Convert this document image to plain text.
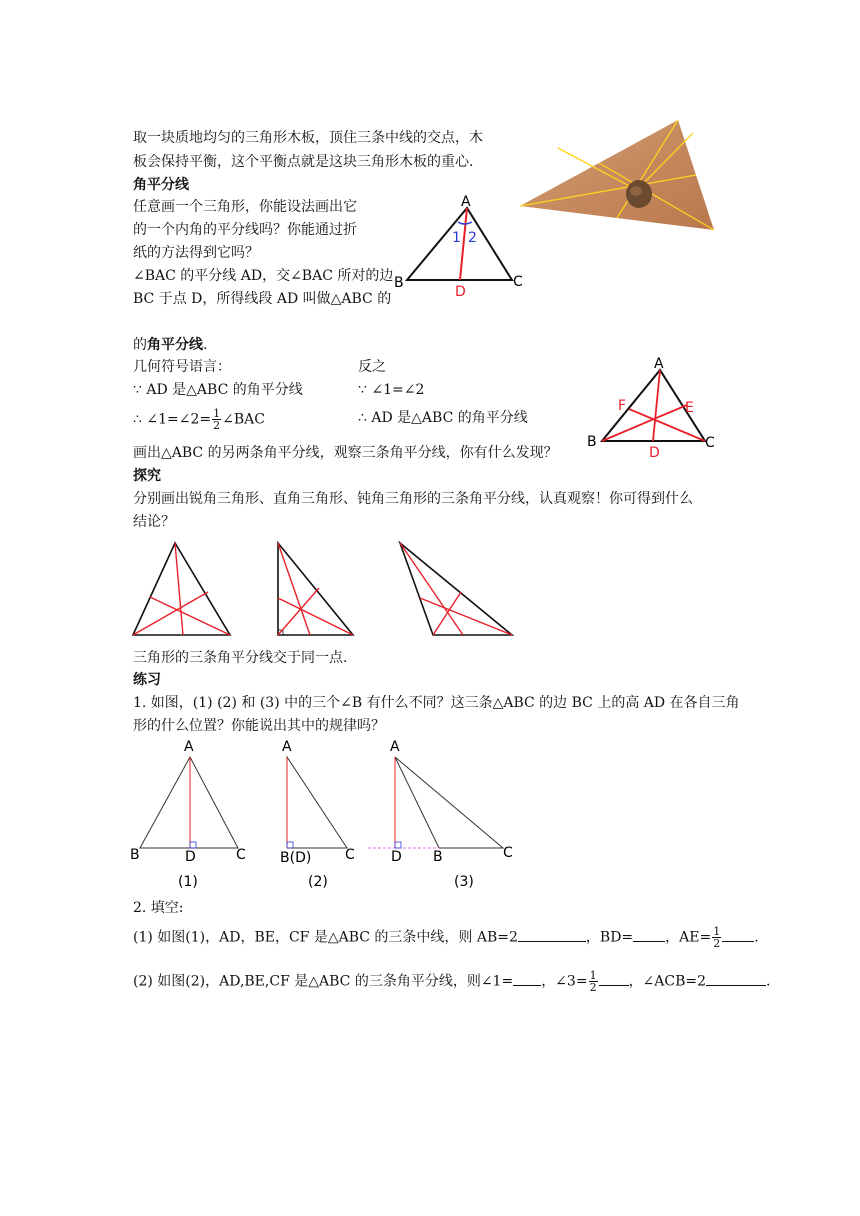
取一块质地均匀的三角形木板，顶住三条中线的交点，木
板会保持平衡，这个平衡点就是这块三角形木板的重心.
角平分线
任意画一个三角形，你能设法画出它
的一个内角的平分线吗？你能通过折
纸的方法得到它吗？
∠BAC 的平分线 AD，交∠BAC 所对的边
BC 于点 D，所得线段 AD 叫做△ABC 的
的角平分线.
A
B	C
D
1 2
几何符号语言：	反之
∵ AD 是△ABC 的角平分线	∵ ∠1=∠2
∴ ∠1=∠2= $\frac{1}{2}$ ∠BAC	∴ AD 是△ABC 的角平分线
A
B	C
D
E
F
画出△ABC 的另两条角平分线，观察三条角平分线，你有什么发现？
探究
分别画出锐角三角形、直角三角形、钝角三角形的三条角平分线，认真观察！你可得到什么
结论？
三角形的三条角平分线交于同一点.
练习
1. 如图，(1) (2) 和 (3) 中的三个∠B 有什么不同？这三条△ABC 的边 BC 上的高 AD 在各自三角
形的什么位置？你能说出其中的规律吗？
A
B	D	C
(1)
A
B(D) C
(2)
A
D B	C
(3)
2. 填空:
(1) 如图(1)，AD，BE，CF 是△ABC 的三条中线，则 AB=2	，BD= ，$AE= \frac{1}{2}$ .
(2) 如图(2)，AD,BE,CF 是△ABC 的三条角平分线，则∠1= ，∠3= $\frac{1}{2}$ ，∠ACB=2	.
